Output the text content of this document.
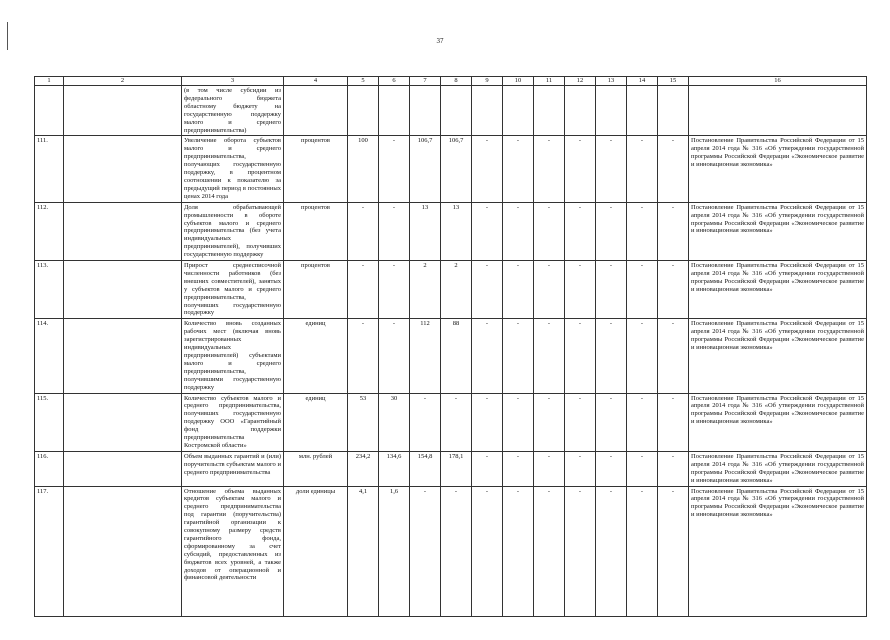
37
1	2	3	4	5	6	7	8	9	10	11	12	13	14	15	16
		(в том числе субсидии из федерального бюджета областному бюджету на государственную поддержку малого и среднего предпринимательства)													
111.		Увеличение оборота субъектов малого и среднего предпринимательства, получающих государственную поддержку, в процентном соотношении к показателю за предыдущий период в постоянных ценах 2014 года	процентов	100	-	106,7	106,7	-	-	-	-	-	-	-	Постановление Правительства Российской Федерации от 15 апреля 2014 года № 316 «Об утверждении государственной программы Российской Федерации «Экономическое развитие и инновационная экономика»
112.		Доля обрабатывающей промышленности в обороте субъектов малого и среднего предпринимательства (без учета индивидуальных предпринимателей), получивших государственную поддержку	процентов	-	-	13	13	-	-	-	-	-	-	-	Постановление Правительства Российской Федерации от 15 апреля 2014 года № 316 «Об утверждении государственной программы Российской Федерации «Экономическое развитие и инновационная экономика»
113.		Прирост среднесписочной численности работников (без внешних совместителей), занятых у субъектов малого и среднего предпринимательства, получивших государственную поддержку	процентов	-	-	2	2	-	-	-	-	-	-	-	Постановление Правительства Российской Федерации от 15 апреля 2014 года № 316 «Об утверждении государственной программы Российской Федерации «Экономическое развитие и инновационная экономика»
114.		Количество вновь созданных рабочих мест (включая вновь зарегистрированных индивидуальных предпринимателей) субъектами малого и среднего предпринимательства, получившими государственную поддержку	единиц	-	-	112	88	-	-	-	-	-	-	-	Постановление Правительства Российской Федерации от 15 апреля 2014 года № 316 «Об утверждении государственной программы Российской Федерации «Экономическое развитие и инновационная экономика»
115.		Количество субъектов малого и среднего предпринимательства, получивших государственную поддержку ООО «Гарантийный фонд поддержки предпринимательства Костромской области»	единиц	53	30	-	-	-	-	-	-	-	-	-	Постановление Правительства Российской Федерации от 15 апреля 2014 года № 316 «Об утверждении государственной программы Российской Федерации «Экономическое развитие и инновационная экономика»
116.		Объем выданных гарантий и (или) поручительств субъектам малого и среднего предпринимательства	млн. рублей	234,2	134,6	154,8	178,1	-	-	-	-	-	-	-	Постановление Правительства Российской Федерации от 15 апреля 2014 года № 316 «Об утверждении государственной программы Российской Федерации «Экономическое развитие и инновационная экономика»
117.		Отношение объема выданных кредитов субъектам малого и среднего предпринимательства под гарантии (поручительства) гарантийной организации к совокупному размеру средств гарантийного фонда, сформированному за счет субсидий, предоставленных из бюджетов всех уровней, а также доходов от операционной и финансовой деятельности	доли единицы	4,1	1,6	-	-	-	-	-	-	-	-	-	Постановление Правительства Российской Федерации от 15 апреля 2014 года № 316 «Об утверждении государственной программы Российской Федерации «Экономическое развитие и инновационная экономика»
